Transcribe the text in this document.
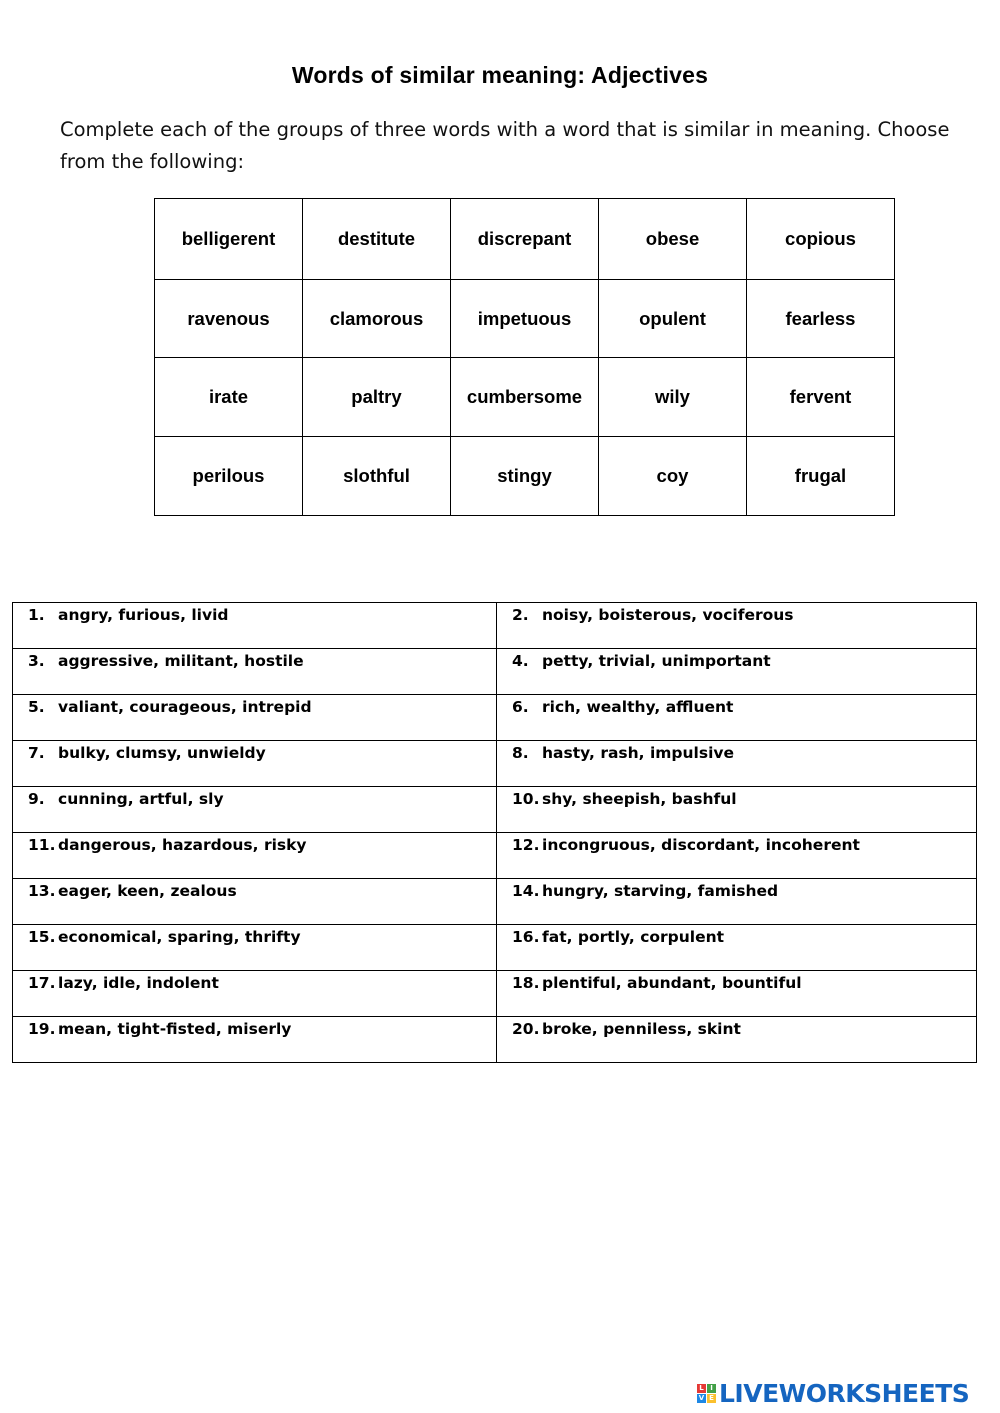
Words of similar meaning: Adjectives
Complete each of the groups of three words with a word that is similar in meaning. Choose from the following:
belligerent	destitute	discrepant	obese	copious
ravenous	clamorous	impetuous	opulent	fearless
irate	paltry	cumbersome	wily	fervent
perilous	slothful	stingy	coy	frugal
1. angry, furious, livid	2. noisy, boisterous, vociferous

3. aggressive, militant, hostile	4. petty, trivial, unimportant

5. valiant, courageous, intrepid	6. rich, wealthy, affluent

7. bulky, clumsy, unwieldy	8. hasty, rash, impulsive

9. cunning, artful, sly	10. shy, sheepish, bashful

11. dangerous, hazardous, risky	12. incongruous, discordant, incoherent

13. eager, keen, zealous	14. hungry, starving, famished

15. economical, sparing, thrifty	16. fat, portly, corpulent

17. lazy, idle, indolent	18. plentiful, abundant, bountiful

19. mean, tight-fisted, miserly	20. broke, penniless, skint
L I
V E LIVEWORKSHEETS
